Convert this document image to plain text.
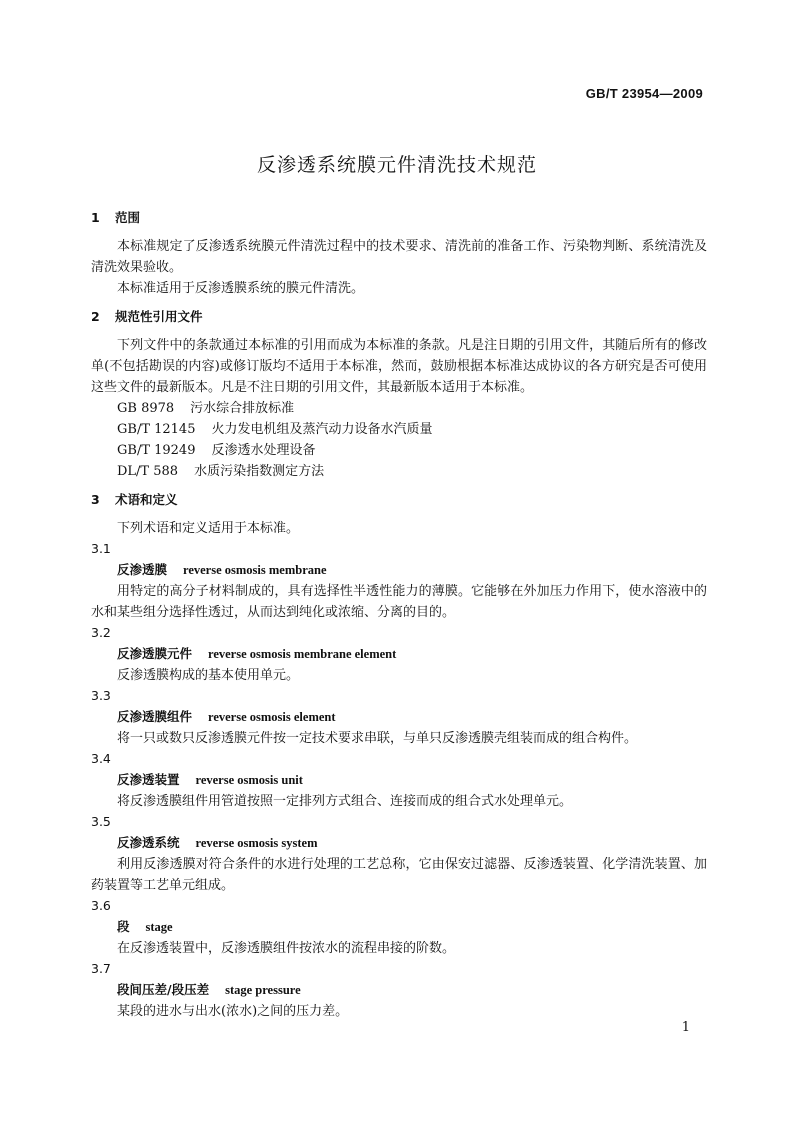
GB/T 23954—2009
反渗透系统膜元件清洗技术规范
1 范围

本标准规定了反渗透系统膜元件清洗过程中的技术要求、清洗前的准备工作、污染物判断、系统清洗及清洗效果验收。

本标准适用于反渗透膜系统的膜元件清洗。

2 规范性引用文件

下列文件中的条款通过本标准的引用而成为本标准的条款。凡是注日期的引用文件，其随后所有的修改单(不包括勘误的内容)或修订版均不适用于本标准，然而，鼓励根据本标准达成协议的各方研究是否可使用这些文件的最新版本。凡是不注日期的引用文件，其最新版本适用于本标准。

GB 8978 污水综合排放标准

GB/T 12145 火力发电机组及蒸汽动力设备水汽质量

GB/T 19249 反渗透水处理设备

DL/T 588 水质污染指数测定方法

3 术语和定义

下列术语和定义适用于本标准。

3.1

反渗透膜 reverse osmosis membrane

用特定的高分子材料制成的，具有选择性半透性能力的薄膜。它能够在外加压力作用下，使水溶液中的水和某些组分选择性透过，从而达到纯化或浓缩、分离的目的。

3.2

反渗透膜元件 reverse osmosis membrane element

反渗透膜构成的基本使用单元。

3.3

反渗透膜组件 reverse osmosis element

将一只或数只反渗透膜元件按一定技术要求串联，与单只反渗透膜壳组装而成的组合构件。

3.4

反渗透装置 reverse osmosis unit

将反渗透膜组件用管道按照一定排列方式组合、连接而成的组合式水处理单元。

3.5

反渗透系统 reverse osmosis system

利用反渗透膜对符合条件的水进行处理的工艺总称，它由保安过滤器、反渗透装置、化学清洗装置、加药装置等工艺单元组成。

3.6

段 stage

在反渗透装置中，反渗透膜组件按浓水的流程串接的阶数。

3.7

段间压差/段压差 stage pressure

某段的进水与出水(浓水)之间的压力差。

1
